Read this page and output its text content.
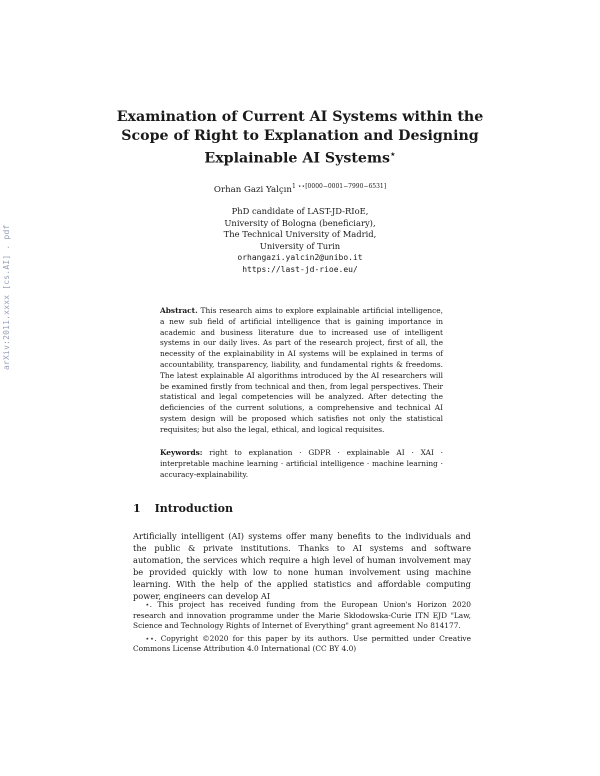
arXiv:2011.xxxx [cs.AI] . pdf
Examination of Current AI Systems within the
Scope of Right to Explanation and Designing
Explainable AI Systems⋆
Orhan Gazi Yalçın$^{1 ⋆⋆[0000-0001-7990-6531]}$
PhD candidate of LAST-JD-RIoE,
University of Bologna (beneficiary),
The Technical University of Madrid,
University of Turin
orhangazi.yalcin2@unibo.it
https://last-jd-rioe.eu/
Abstract. This research aims to explore explainable artificial intelligence, a new sub field of artificial intelligence that is gaining importance in academic and business literature due to increased use of intelligent systems in our daily lives. As part of the research project, first of all, the necessity of the explainability in AI systems will be explained in terms of accountability, transparency, liability, and fundamental rights & freedoms. The latest explainable AI algorithms introduced by the AI researchers will be examined firstly from technical and then, from legal perspectives. Their statistical and legal competencies will be analyzed. After detecting the deficiencies of the current solutions, a comprehensive and technical AI system design will be proposed which satisfies not only the statistical requisites; but also the legal, ethical, and logical requisites.
Keywords: right to explanation · GDPR · explainable AI · XAI · interpretable machine learning · artificial intelligence · machine learning · accuracy-explainability.
1 Introduction
Artificially intelligent (AI) systems offer many benefits to the individuals and the public & private institutions. Thanks to AI systems and software automation, the services which require a high level of human involvement may be provided quickly with low to none human involvement using machine learning. With the help of the applied statistics and affordable computing power, engineers can develop AI

⋆. This project has received funding from the European Union's Horizon 2020 research and innovation programme under the Marie Skłodowska-Curie ITN EJD "Law, Science and Technology Rights of Internet of Everything" grant agreement No 814177.

⋆⋆. Copyright ©2020 for this paper by its authors. Use permitted under Creative Commons License Attribution 4.0 International (CC BY 4.0)
